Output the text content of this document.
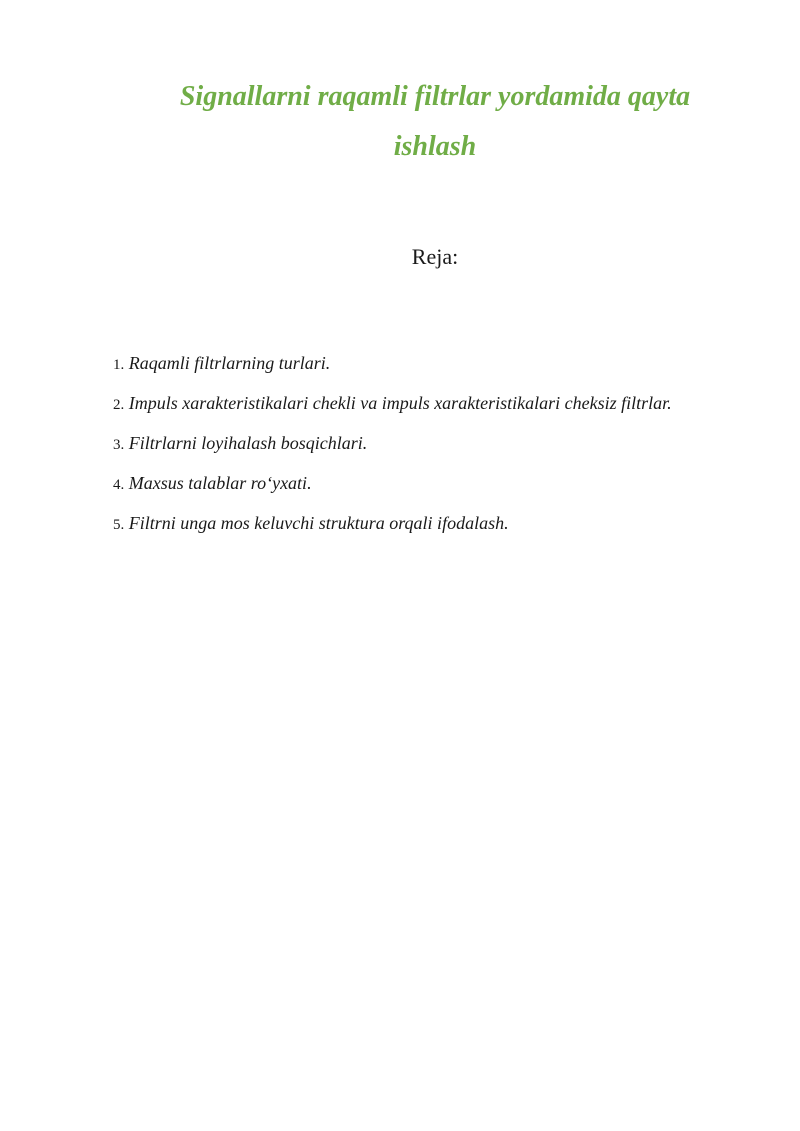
Signallarni raqamli filtrlar yordamida qayta ishlash
Reja:
1. Raqamli filtrlarning turlari.
2. Impuls xarakteristikalari chekli va impuls xarakteristikalari cheksiz filtrlar.
3. Filtrlarni loyihalash bosqichlari.
4. Maxsus talablar ro‘yxati.
5. Filtrni unga mos keluvchi struktura orqali ifodalash.
